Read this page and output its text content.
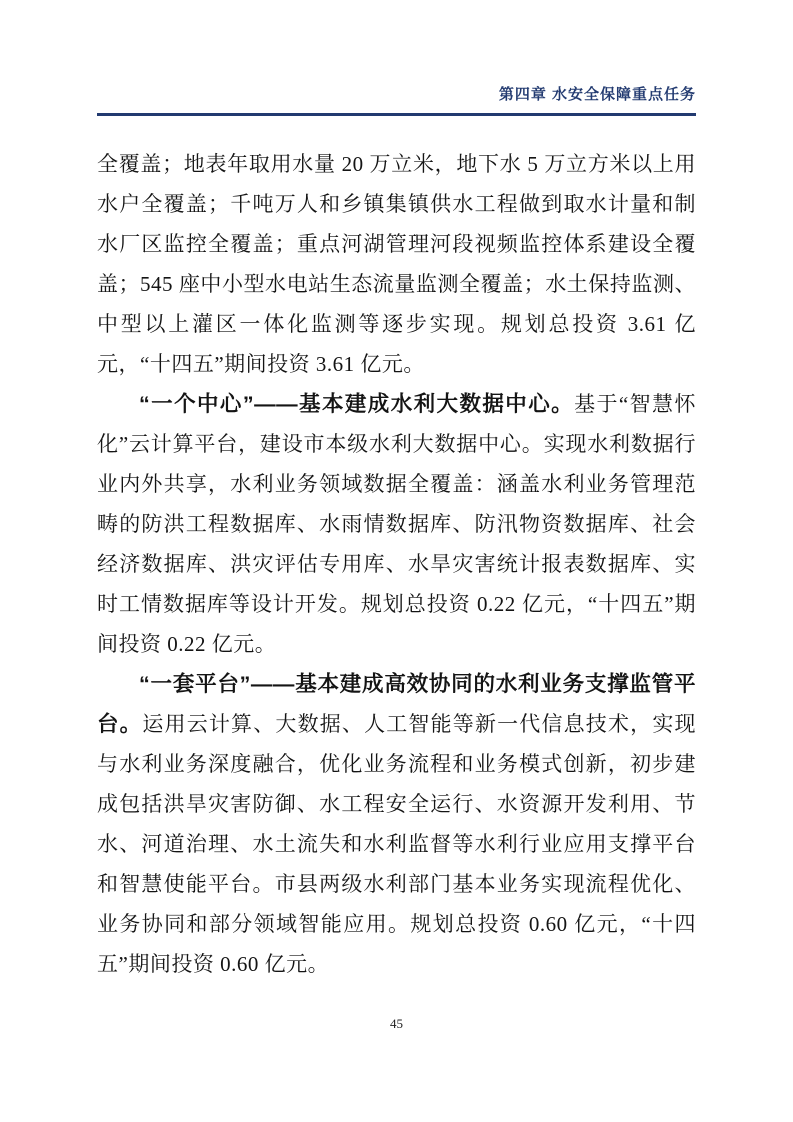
第四章 水安全保障重点任务

全覆盖；地表年取用水量 20 万立米，地下水 5 万立方米以上用水户全覆盖；千吨万人和乡镇集镇供水工程做到取水计量和制水厂区监控全覆盖；重点河湖管理河段视频监控体系建设全覆盖；545 座中小型水电站生态流量监测全覆盖；水土保持监测、中型以上灌区一体化监测等逐步实现。规划总投资 3.61 亿元，“十四五”期间投资 3.61 亿元。

“一个中心”——基本建成水利大数据中心。基于“智慧怀化”云计算平台，建设市本级水利大数据中心。实现水利数据行业内外共享，水利业务领域数据全覆盖：涵盖水利业务管理范畴的防洪工程数据库、水雨情数据库、防汛物资数据库、社会经济数据库、洪灾评估专用库、水旱灾害统计报表数据库、实时工情数据库等设计开发。规划总投资 0.22 亿元，“十四五”期间投资 0.22 亿元。

“一套平台”——基本建成高效协同的水利业务支撑监管平台。运用云计算、大数据、人工智能等新一代信息技术，实现与水利业务深度融合，优化业务流程和业务模式创新，初步建成包括洪旱灾害防御、水工程安全运行、水资源开发利用、节水、河道治理、水土流失和水利监督等水利行业应用支撑平台和智慧使能平台。市县两级水利部门基本业务实现流程优化、业务协同和部分领域智能应用。规划总投资 0.60 亿元，“十四五”期间投资 0.60 亿元。

45
